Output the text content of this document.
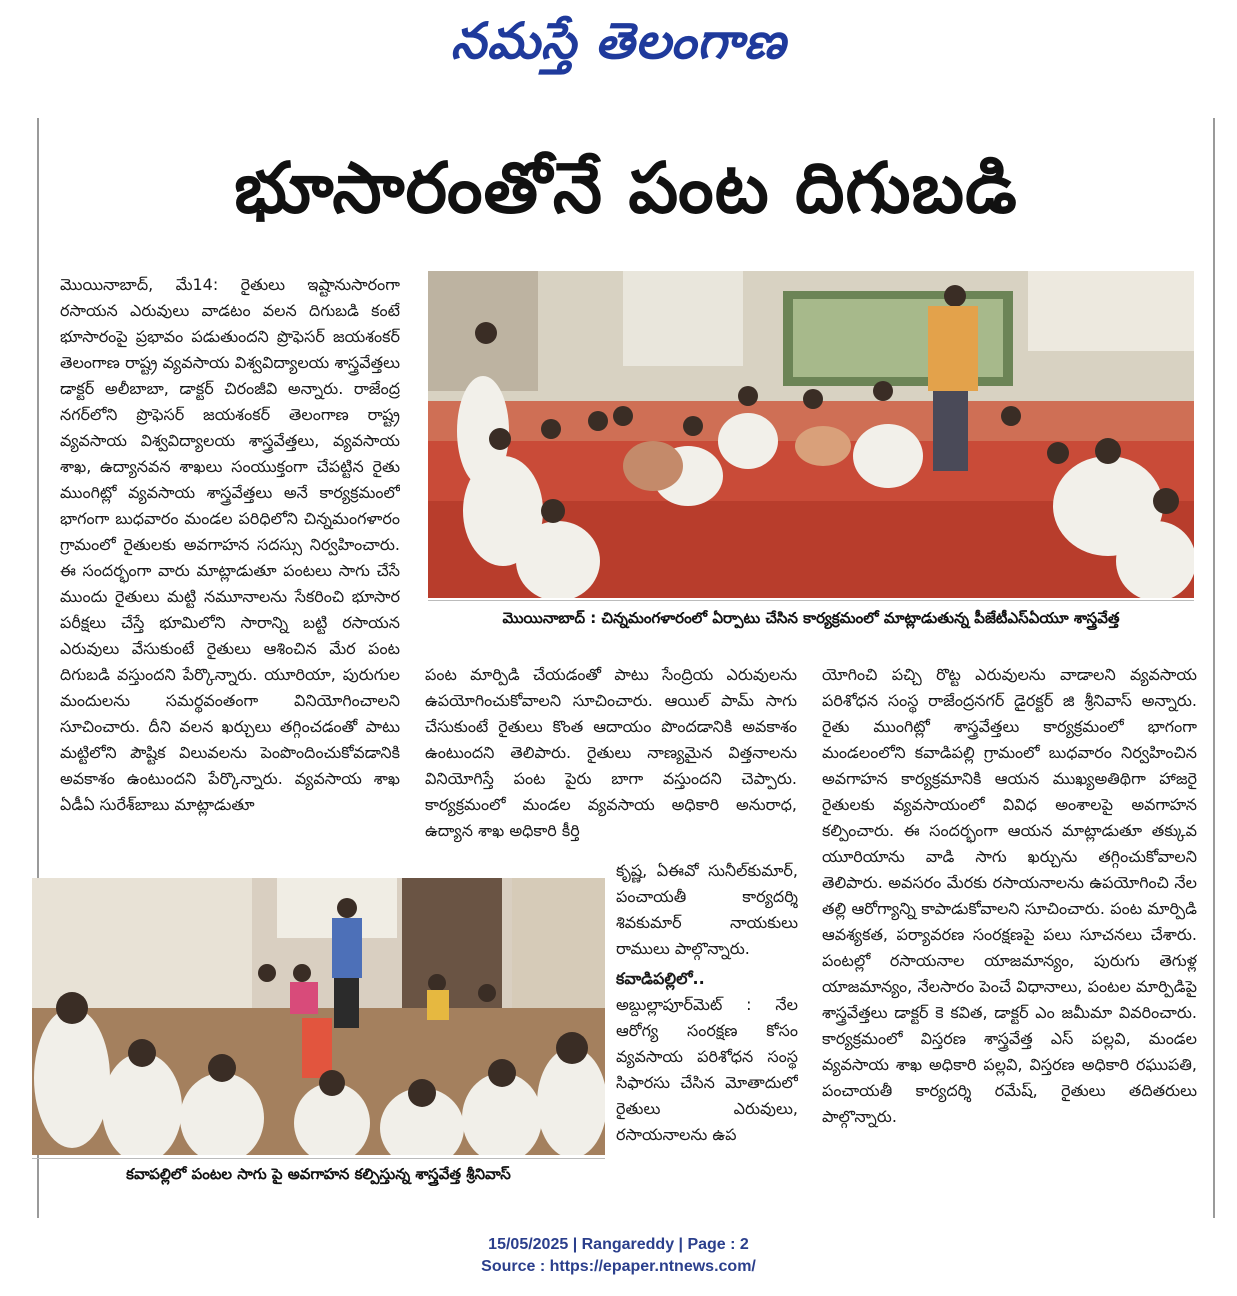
నమస్తే తెలంగాణ
భూసారంతోనే పంట దిగుబడి
మొయినాబాద్ : చిన్నమంగళారంలో ఏర్పాటు చేసిన కార్యక్రమంలో మాట్లాడుతున్న పీజేటీఎస్ఏయూ శాస్త్రవేత్త

మొయినాబాద్, మే14: రైతులు ఇష్టానుసారంగా రసాయన ఎరువులు వాడటం వలన దిగుబడి కంటే భూసారంపై ప్రభావం పడుతుందని ప్రొఫెసర్ జయశంకర్ తెలంగాణ రాష్ట్ర వ్యవసాయ విశ్వవిద్యాలయ శాస్త్రవేత్తలు డాక్టర్ అలీబాబా, డాక్టర్ చిరంజీవి అన్నారు. రాజేంద్ర నగర్‌లోని ప్రొఫెసర్ జయశంకర్ తెలంగాణ రాష్ట్ర వ్యవసాయ విశ్వవిద్యాలయ శాస్త్రవేత్తలు, వ్యవసాయ శాఖ, ఉద్యానవన శాఖలు సంయుక్తంగా చేపట్టిన రైతు ముంగిట్లో వ్యవసాయ శాస్త్రవేత్తలు అనే కార్యక్రమంలో భాగంగా బుధవారం మండల పరిధిలోని చిన్నమంగళారం గ్రామంలో రైతులకు అవగాహన సదస్సు నిర్వహించారు. ఈ సందర్భంగా వారు మాట్లాడుతూ పంటలు సాగు చేసే ముందు రైతులు మట్టి నమూనాలను సేకరించి భూసార పరీక్షలు చేస్తే భూమిలోని సారాన్ని బట్టి రసాయన ఎరువులు వేసుకుంటే రైతులు ఆశించిన మేర పంట దిగుబడి వస్తుందని పేర్కొన్నారు. యూరియా, పురుగుల మందులను సమర్థవంతంగా వినియోగించాలని సూచించారు. దీని వలన ఖర్చులు తగ్గించడంతో పాటు మట్టిలోని పౌష్టిక విలువలను పెంపొందించుకోవడానికి అవకాశం ఉంటుందని పేర్కొన్నారు. వ్యవసాయ శాఖ ఏడీఏ సురేశ్‌బాబు మాట్లాడుతూ

పంట మార్పిడి చేయడంతో పాటు సేంద్రియ ఎరువులను ఉపయోగించుకోవాలని సూచించారు. ఆయిల్ పామ్ సాగు చేసుకుంటే రైతులు కొంత ఆదాయం పొందడానికి అవకాశం ఉంటుందని తెలిపారు. రైతులు నాణ్యమైన విత్తనాలను వినియోగిస్తే పంట పైరు బాగా వస్తుందని చెప్పారు. కార్యక్రమంలో మండల వ్యవసాయ అధికారి అనురాధ, ఉద్యాన శాఖ అధికారి కీర్తి

కృష్ణ, ఏఈవో సునీల్‌కుమార్, పంచాయతీ కార్యదర్శి శివకుమార్ నాయకులు రాములు పాల్గొన్నారు.

కవాడిపల్లిలో..

అబ్దుల్లాపూర్‌మెట్ : నేల ఆరోగ్య సంరక్షణ కోసం వ్యవసాయ పరిశోధన సంస్థ సిఫారసు చేసిన మోతాదులో రైతులు ఎరువులు, రసాయనాలను ఉప

యోగించి పచ్చి రొట్ట ఎరువులను వాడాలని వ్యవసాయ పరిశోధన సంస్థ రాజేంద్రనగర్ డైరక్టర్ జి శ్రీనివాస్ అన్నారు. రైతు ముంగిట్లో శాస్త్రవేత్తలు కార్యక్రమంలో భాగంగా మండలంలోని కవాడిపల్లి గ్రామంలో బుధవారం నిర్వహించిన అవగాహన కార్యక్రమానికి ఆయన ముఖ్యఅతిథిగా హాజరై రైతులకు వ్యవసాయంలో వివిధ అంశాలపై అవగాహన కల్పించారు. ఈ సందర్భంగా ఆయన మాట్లాడుతూ తక్కువ యూరియాను వాడి సాగు ఖర్చును తగ్గించుకోవాలని తెలిపారు. అవసరం మేరకు రసాయనాలను ఉపయోగించి నేల తల్లి ఆరోగ్యాన్ని కాపాడుకోవాలని సూచించారు. పంట మార్పిడి ఆవశ్యకత, పర్యావరణ సంరక్షణపై పలు సూచనలు చేశారు. పంటల్లో రసాయనాల యాజమాన్యం, పురుగు తెగుళ్ల యాజమాన్యం, నేలసారం పెంచే విధానాలు, పంటల మార్పిడిపై శాస్త్రవేత్తలు డాక్టర్ కె కవిత, డాక్టర్ ఎం జమీమా వివరించారు. కార్యక్రమంలో విస్తరణ శాస్త్రవేత్త ఎస్ పల్లవి, మండల వ్యవసాయ శాఖ అధికారి పల్లవి, విస్తరణ అధికారి రఘుపతి, పంచాయతీ కార్యదర్శి రమేష్, రైతులు తదితరులు పాల్గొన్నారు.

కవాపల్లిలో పంటల సాగు పై అవగాహన కల్పిస్తున్న శాస్త్రవేత్త శ్రీనివాస్
15/05/2025 | Rangareddy | Page : 2
Source : https://epaper.ntnews.com/
